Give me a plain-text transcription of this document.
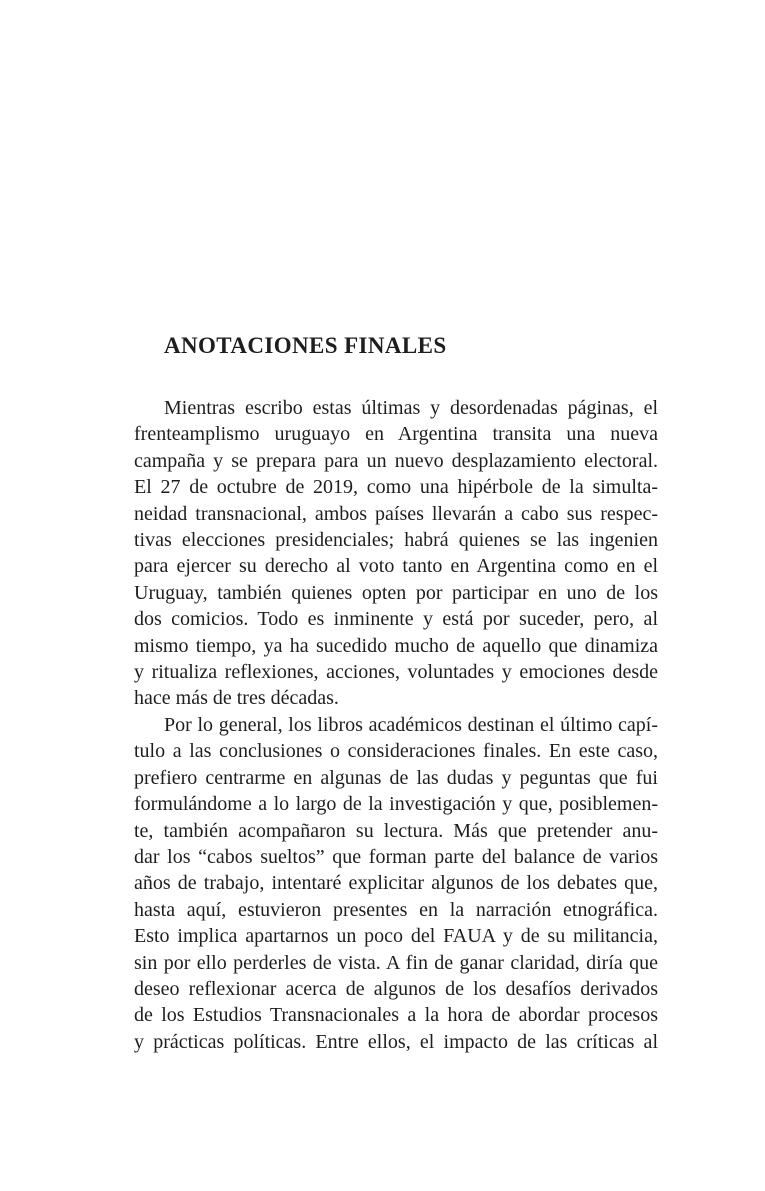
ANOTACIONES FINALES

Mientras escribo estas últimas y desordenadas páginas, el
frenteamplismo uruguayo en Argentina transita una nueva
campaña y se prepara para un nuevo desplazamiento electoral.
El 27 de octubre de 2019, como una hipérbole de la simulta-
neidad transnacional, ambos países llevarán a cabo sus respec-
tivas elecciones presidenciales; habrá quienes se las ingenien
para ejercer su derecho al voto tanto en Argentina como en el
Uruguay, también quienes opten por participar en uno de los
dos comicios. Todo es inminente y está por suceder, pero, al
mismo tiempo, ya ha sucedido mucho de aquello que dinamiza
y ritualiza reflexiones, acciones, voluntades y emociones desde
hace más de tres décadas.

Por lo general, los libros académicos destinan el último capí-
tulo a las conclusiones o consideraciones finales. En este caso,
prefiero centrarme en algunas de las dudas y peguntas que fui
formulándome a lo largo de la investigación y que, posiblemen-
te, también acompañaron su lectura. Más que pretender anu-
dar los “cabos sueltos” que forman parte del balance de varios
años de trabajo, intentaré explicitar algunos de los debates que,
hasta aquí, estuvieron presentes en la narración etnográfica.
Esto implica apartarnos un poco del FAUA y de su militancia,
sin por ello perderles de vista. A fin de ganar claridad, diría que
deseo reflexionar acerca de algunos de los desafíos derivados
de los Estudios Transnacionales a la hora de abordar procesos
y prácticas políticas. Entre ellos, el impacto de las críticas al
